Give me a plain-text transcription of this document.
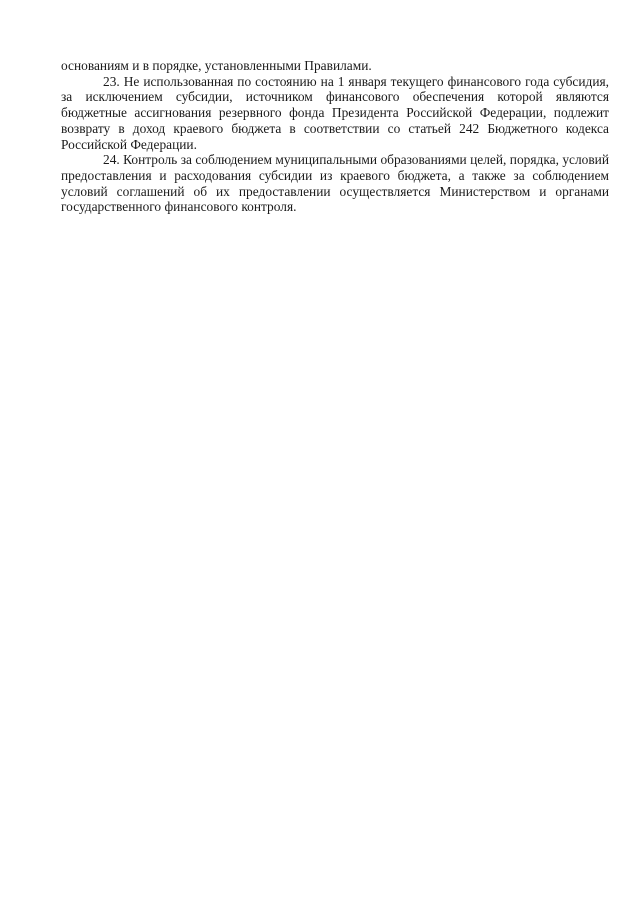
основаниям и в порядке, установленными Правилами.

23. Не использованная по состоянию на 1 января текущего финансового года субсидия, за исключением субсидии, источником финансового обеспечения которой являются бюджетные ассигнования резервного фонда Президента Российской Федерации, подлежит возврату в доход краевого бюджета в соответствии со статьей 242 Бюджетного кодекса Российской Федерации.

24. Контроль за соблюдением муниципальными образованиями целей, порядка, условий предоставления и расходования субсидии из краевого бюджета, а также за соблюдением условий соглашений об их предоставлении осуществляется Министерством и органами государственного финансового контроля.
